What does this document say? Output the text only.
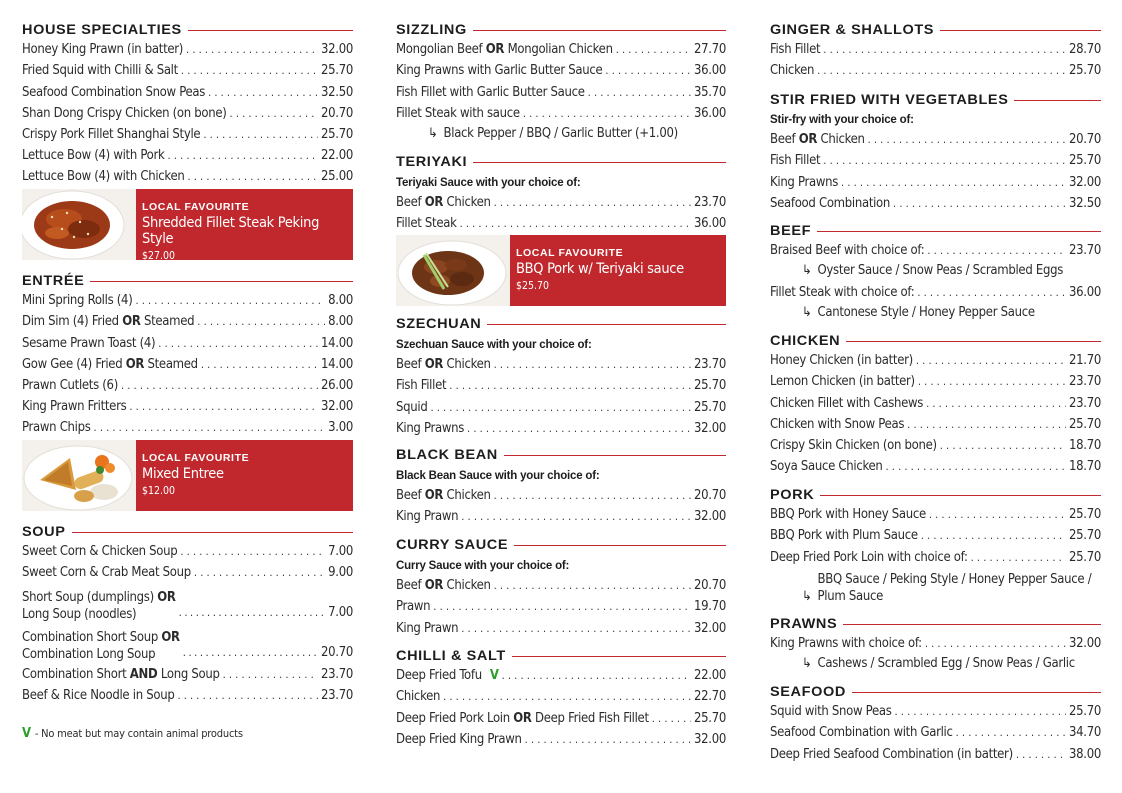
HOUSE SPECIALTIES
Honey King Prawn (in batter) . . .	32.00
Fried Squid with Chilli & Salt . . .	25.70
Seafood Combination Snow Peas . . .	32.50
Shan Dong Crispy Chicken (on bone) . . .	20.70
Crispy Pork Fillet Shanghai Style . . .	25.70
Lettuce Bow (4) with Pork . . .	22.00
Lettuce Bow (4) with Chicken . . .	25.00
LOCAL FAVOURITE
Shredded Fillet Steak Peking Style
$27.00
ENTRÉE
Mini Spring Rolls (4) . . .	8.00
Dim Sim (4) Fried OR Steamed . . .	8.00
Sesame Prawn Toast (4) . . .	14.00
Gow Gee (4) Fried OR Steamed . . .	14.00
Prawn Cutlets (6) . . .	26.00
King Prawn Fritters . . .	32.00
Prawn Chips . . .	3.00
LOCAL FAVOURITE
Mixed Entree
$12.00
SOUP
Sweet Corn & Chicken Soup . . .	7.00
Sweet Corn & Crab Meat Soup . . .	9.00
Short Soup (dumplings) OR
Long Soup (noodles) . . .	7.00
Combination Short Soup OR
Combination Long Soup . . .	20.70
Combination Short AND Long Soup . . .	23.70
Beef & Rice Noodle in Soup . . .	23.70
V - No meat but may contain animal products
SIZZLING
Mongolian Beef OR Mongolian Chicken . . .	27.70
King Prawns with Garlic Butter Sauce . . .	36.00
Fish Fillet with Garlic Butter Sauce . . .	35.70
Fillet Steak with sauce . . .	36.00
↳ Black Pepper / BBQ / Garlic Butter (+1.00)
TERIYAKI
Teriyaki Sauce with your choice of:
Beef OR Chicken . . .	23.70
Fillet Steak . . .	36.00
LOCAL FAVOURITE
BBQ Pork w/ Teriyaki sauce
$25.70
SZECHUAN
Szechuan Sauce with your choice of:
Beef OR Chicken . . .	23.70
Fish Fillet . . .	25.70
Squid . . .	25.70
King Prawns . . .	32.00
BLACK BEAN
Black Bean Sauce with your choice of:
Beef OR Chicken . . .	20.70
King Prawn . . .	32.00
CURRY SAUCE
Curry Sauce with your choice of:
Beef OR Chicken . . .	20.70
Prawn . . .	19.70
King Prawn . . .	32.00
CHILLI & SALT
Deep Fried Tofu V . . .	22.00
Chicken . . .	22.70
Deep Fried Pork Loin OR Deep Fried Fish Fillet . . .	25.70
Deep Fried King Prawn . . .	32.00
GINGER & SHALLOTS
Fish Fillet . . .	28.70
Chicken . . .	25.70
STIR FRIED WITH VEGETABLES
Stir-fry with your choice of:
Beef OR Chicken . . .	20.70
Fish Fillet . . .	25.70
King Prawns . . .	32.00
Seafood Combination . . .	32.50
BEEF
Braised Beef with choice of: . . .	23.70
↳ Oyster Sauce / Snow Peas / Scrambled Eggs
Fillet Steak with choice of: . . .	36.00
↳ Cantonese Style / Honey Pepper Sauce
CHICKEN
Honey Chicken (in batter) . . .	21.70
Lemon Chicken (in batter) . . .	23.70
Chicken Fillet with Cashews . . .	23.70
Chicken with Snow Peas . . .	25.70
Crispy Skin Chicken (on bone) . . .	18.70
Soya Sauce Chicken . . .	18.70
PORK
BBQ Pork with Honey Sauce . . .	25.70
BBQ Pork with Plum Sauce . . .	25.70
Deep Fried Pork Loin with choice of: . . .	25.70
↳
BBQ Sauce / Peking Style / Honey Pepper Sauce /
Plum Sauce
PRAWNS
King Prawns with choice of: . . .	32.00
↳ Cashews / Scrambled Egg / Snow Peas / Garlic
SEAFOOD
Squid with Snow Peas . . .	25.70
Seafood Combination with Garlic . . .	34.70
Deep Fried Seafood Combination (in batter) . . .	38.00
